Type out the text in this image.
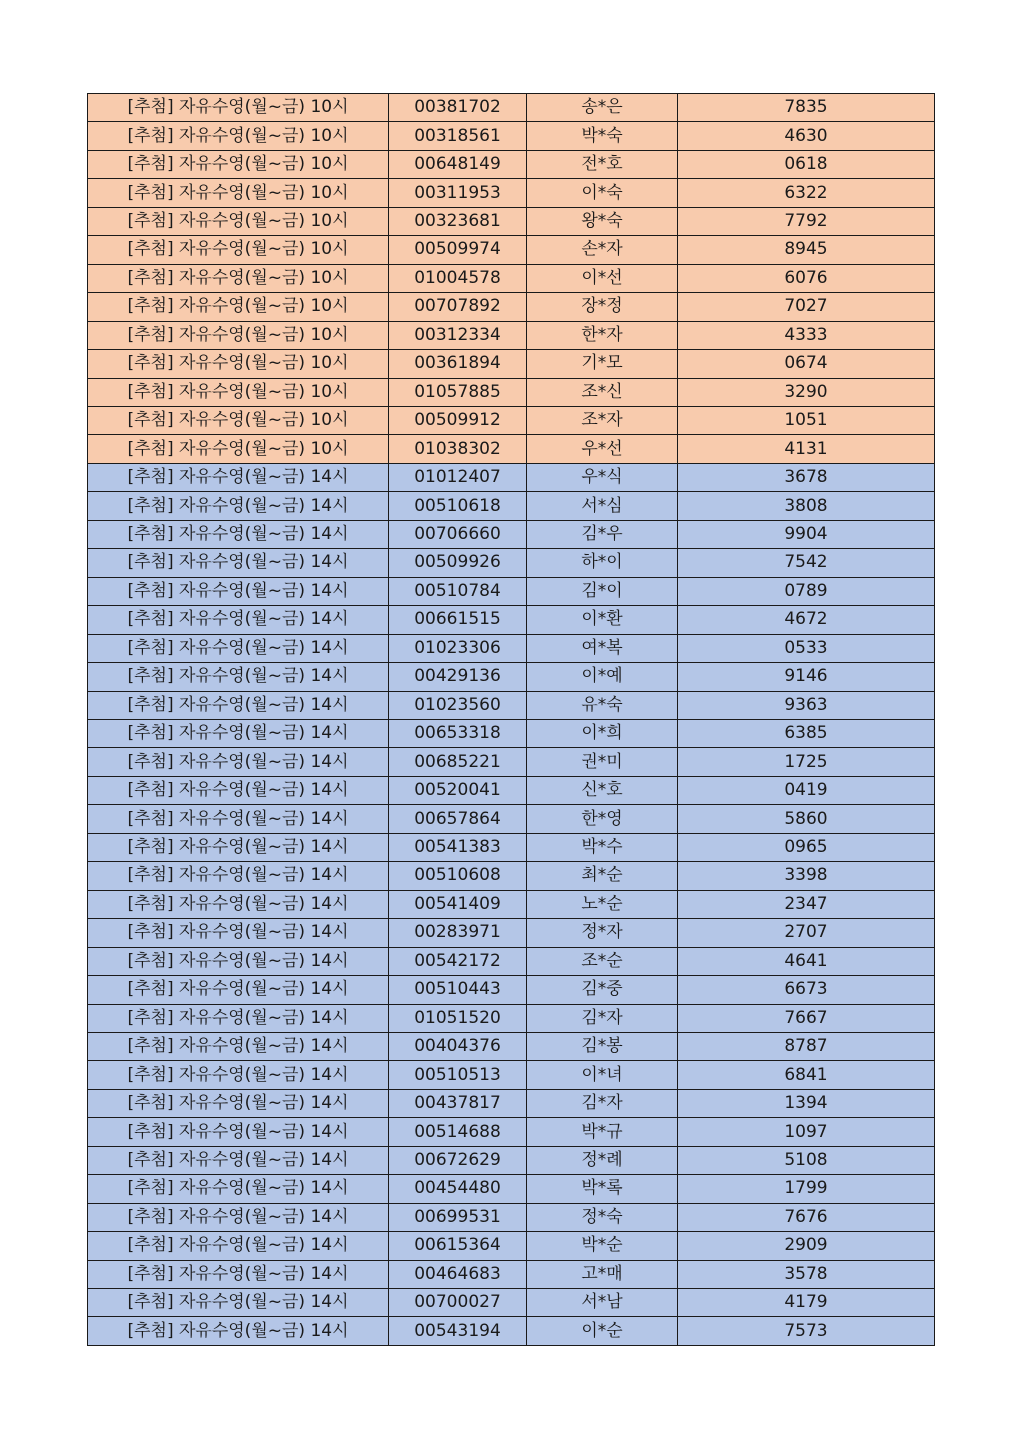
[추첨] 자유수영(월~금) 10시	00381702	송*은	7835
[추첨] 자유수영(월~금) 10시	00318561	박*숙	4630
[추첨] 자유수영(월~금) 10시	00648149	전*호	0618
[추첨] 자유수영(월~금) 10시	00311953	이*숙	6322
[추첨] 자유수영(월~금) 10시	00323681	왕*숙	7792
[추첨] 자유수영(월~금) 10시	00509974	손*자	8945
[추첨] 자유수영(월~금) 10시	01004578	이*선	6076
[추첨] 자유수영(월~금) 10시	00707892	장*정	7027
[추첨] 자유수영(월~금) 10시	00312334	한*자	4333
[추첨] 자유수영(월~금) 10시	00361894	기*모	0674
[추첨] 자유수영(월~금) 10시	01057885	조*신	3290
[추첨] 자유수영(월~금) 10시	00509912	조*자	1051
[추첨] 자유수영(월~금) 10시	01038302	우*선	4131
[추첨] 자유수영(월~금) 14시	01012407	우*식	3678
[추첨] 자유수영(월~금) 14시	00510618	서*심	3808
[추첨] 자유수영(월~금) 14시	00706660	김*우	9904
[추첨] 자유수영(월~금) 14시	00509926	하*이	7542
[추첨] 자유수영(월~금) 14시	00510784	김*이	0789
[추첨] 자유수영(월~금) 14시	00661515	이*환	4672
[추첨] 자유수영(월~금) 14시	01023306	여*복	0533
[추첨] 자유수영(월~금) 14시	00429136	이*예	9146
[추첨] 자유수영(월~금) 14시	01023560	유*숙	9363
[추첨] 자유수영(월~금) 14시	00653318	이*희	6385
[추첨] 자유수영(월~금) 14시	00685221	권*미	1725
[추첨] 자유수영(월~금) 14시	00520041	신*호	0419
[추첨] 자유수영(월~금) 14시	00657864	한*영	5860
[추첨] 자유수영(월~금) 14시	00541383	박*수	0965
[추첨] 자유수영(월~금) 14시	00510608	최*순	3398
[추첨] 자유수영(월~금) 14시	00541409	노*순	2347
[추첨] 자유수영(월~금) 14시	00283971	정*자	2707
[추첨] 자유수영(월~금) 14시	00542172	조*순	4641
[추첨] 자유수영(월~금) 14시	00510443	김*중	6673
[추첨] 자유수영(월~금) 14시	01051520	김*자	7667
[추첨] 자유수영(월~금) 14시	00404376	김*봉	8787
[추첨] 자유수영(월~금) 14시	00510513	이*녀	6841
[추첨] 자유수영(월~금) 14시	00437817	김*자	1394
[추첨] 자유수영(월~금) 14시	00514688	박*규	1097
[추첨] 자유수영(월~금) 14시	00672629	정*례	5108
[추첨] 자유수영(월~금) 14시	00454480	박*록	1799
[추첨] 자유수영(월~금) 14시	00699531	정*숙	7676
[추첨] 자유수영(월~금) 14시	00615364	박*순	2909
[추첨] 자유수영(월~금) 14시	00464683	고*매	3578
[추첨] 자유수영(월~금) 14시	00700027	서*남	4179
[추첨] 자유수영(월~금) 14시	00543194	이*순	7573
